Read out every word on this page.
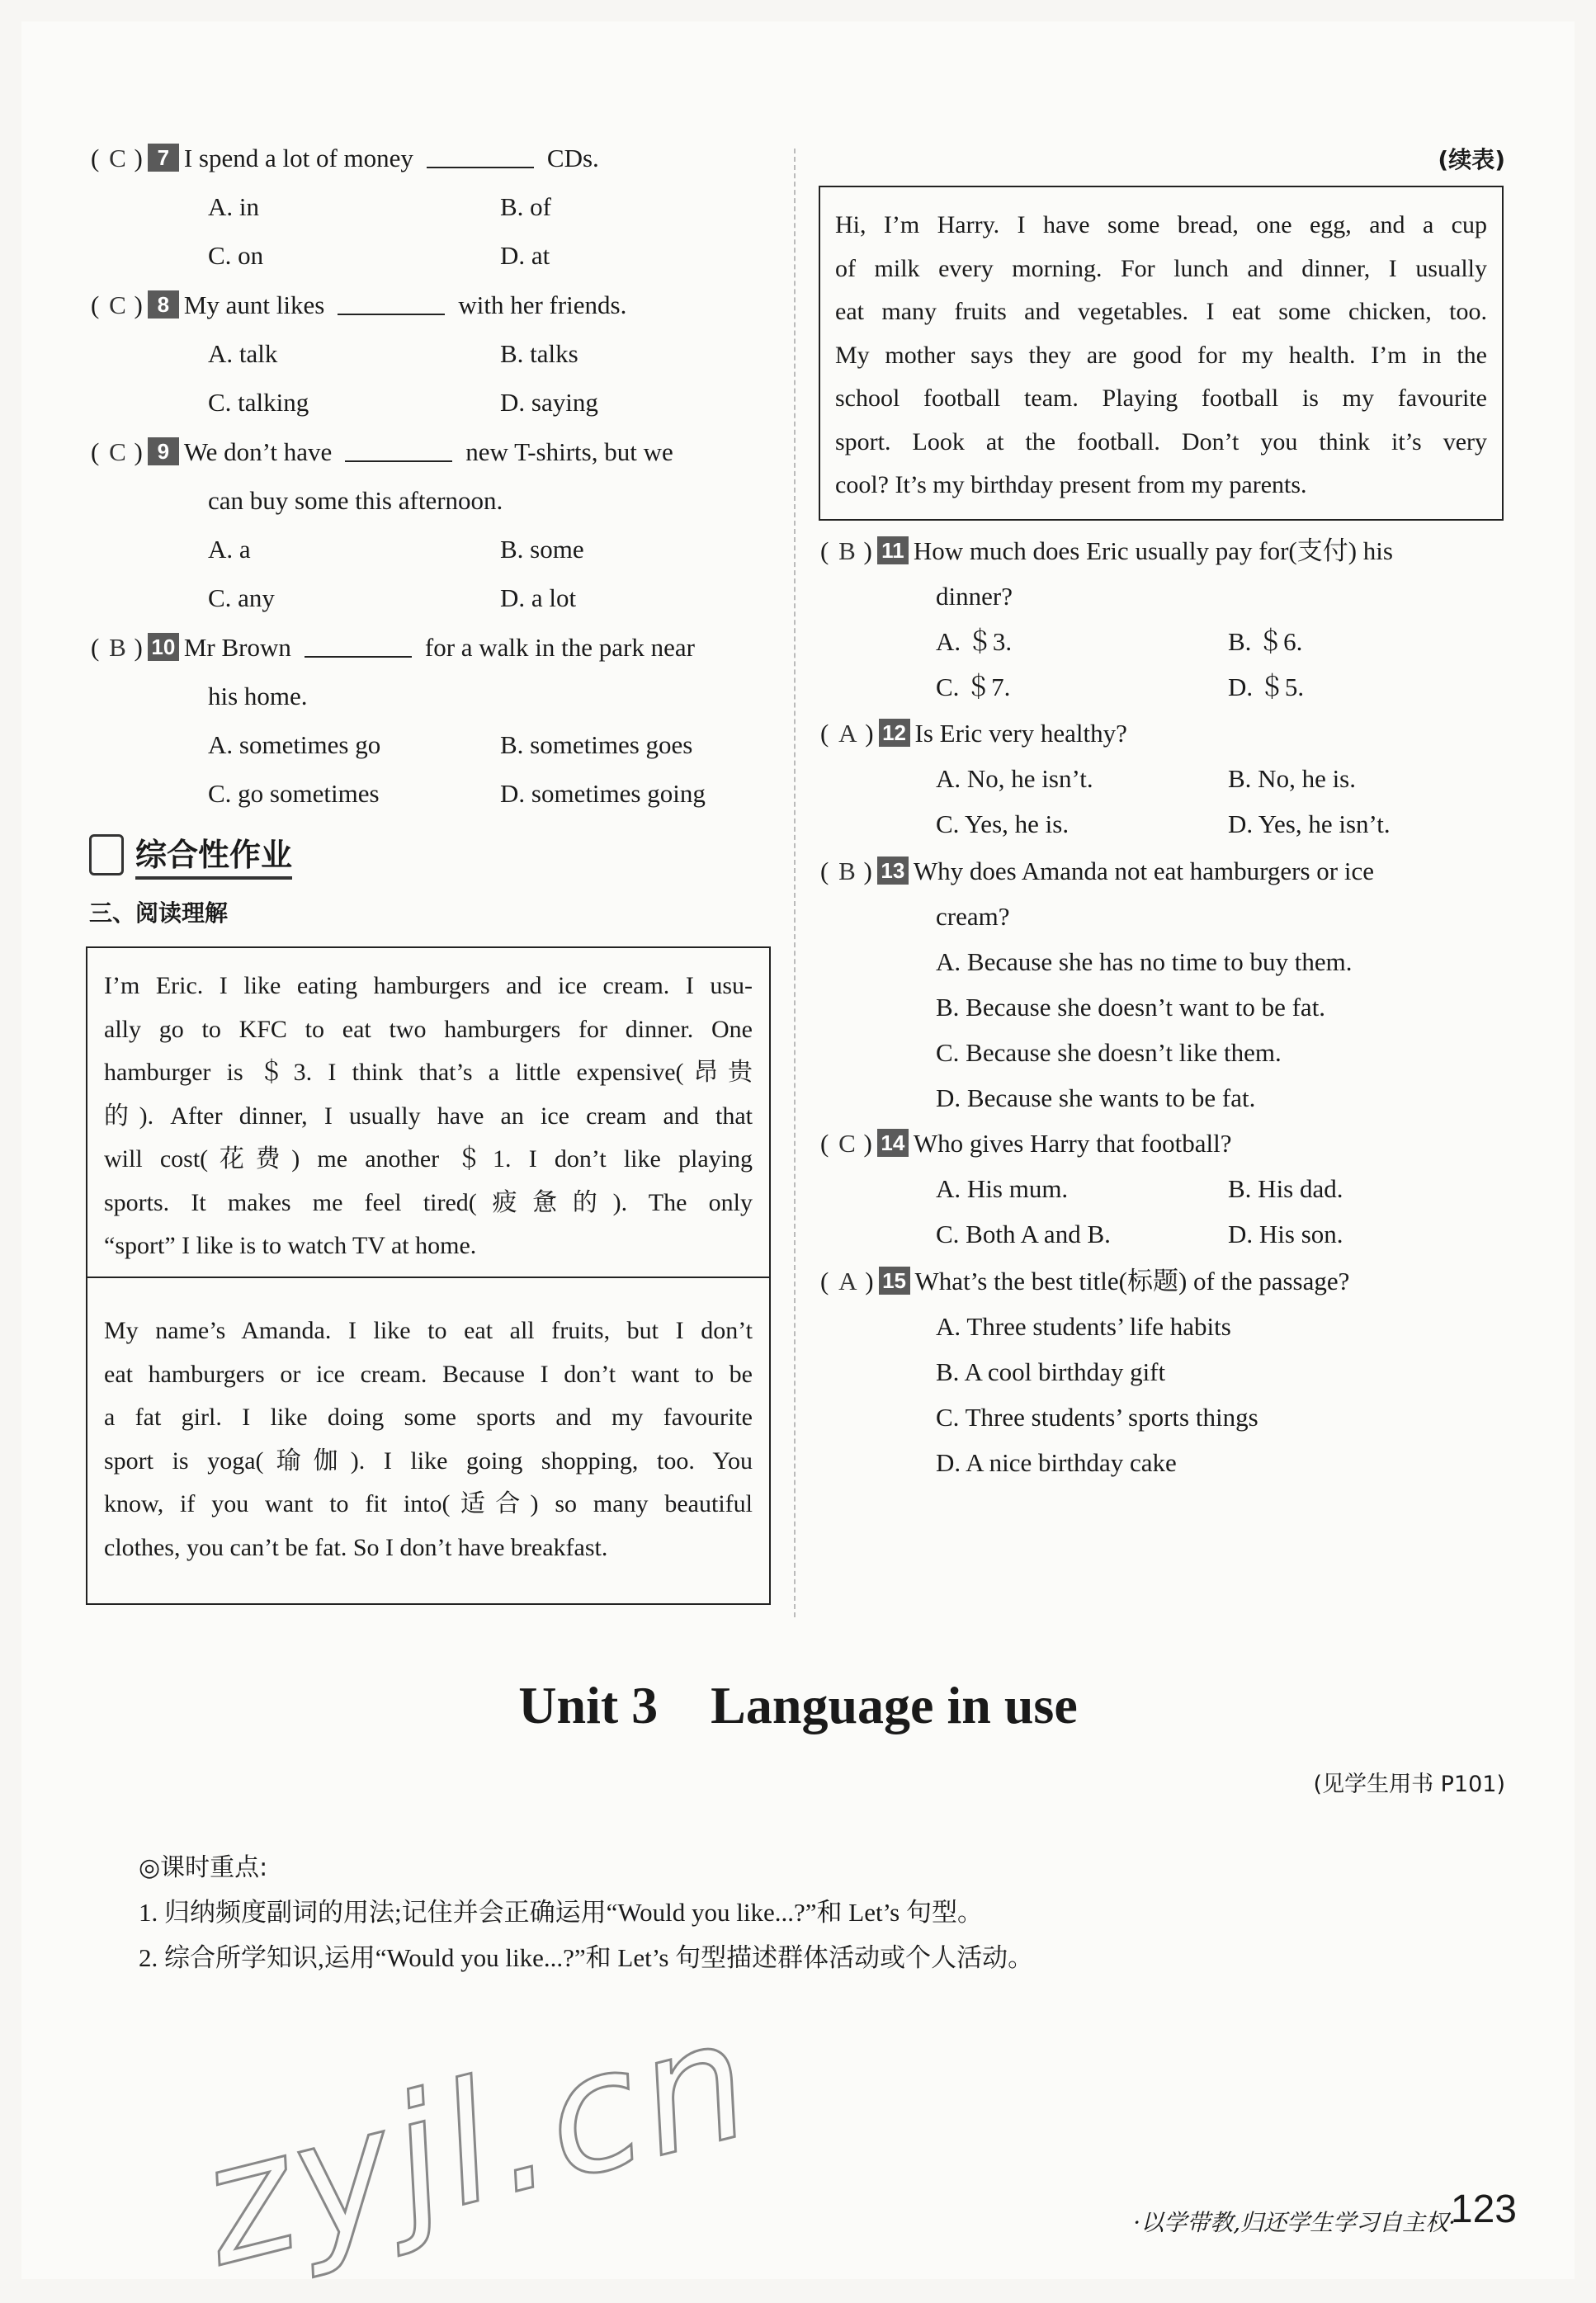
( C ) 7 I spend a lot of money	CDs.
A. in	B. of
C. on	D. at
( C ) 8 My aunt likes	with her friends.
A. talk	B. talks
C. talking	D. saying
( C ) 9 We don’t have	new T-shirts, but we
can buy some this afternoon.
A. a	B. some
C. any	D. a lot
( B ) 10 Mr Brown	for a walk in the park near
his home.
A. sometimes go	B. sometimes goes
C. go sometimes	D. sometimes going
综合性作业
三、阅读理解
I’m Eric. I like eating hamburgers and ice cream. I usu-
ally go to KFC to eat two hamburgers for dinner. One
hamburger is ＄3. I think that’s a little expensive(昂贵
的). After dinner, I usually have an ice cream and that
will cost(花费) me another ＄1. I don’t like playing
sports. It makes me feel tired(疲惫的). The only
“sport” I like is to watch TV at home.
My name’s Amanda. I like to eat all fruits, but I don’t
eat hamburgers or ice cream. Because I don’t want to be
a fat girl. I like doing some sports and my favourite
sport is yoga(瑜伽). I like going shopping, too. You
know, if you want to fit into(适合) so many beautiful
clothes, you can’t be fat. So I don’t have breakfast.
(续表)
Hi, I’m Harry. I have some bread, one egg, and a cup
of milk every morning. For lunch and dinner, I usually
eat many fruits and vegetables. I eat some chicken, too.
My mother says they are good for my health. I’m in the
school football team. Playing football is my favourite
sport. Look at the football. Don’t you think it’s very
cool? It’s my birthday present from my parents.
( B ) 11 How much does Eric usually pay for(支付) his
dinner?
A. ＄3.	B. ＄6.
C. ＄7.	D. ＄5.
( A ) 12 Is Eric very healthy?
A. No, he isn’t.	B. No, he is.
C. Yes, he is.	D. Yes, he isn’t.
( B ) 13 Why does Amanda not eat hamburgers or ice
cream?
A. Because she has no time to buy them.
B. Because she doesn’t want to be fat.
C. Because she doesn’t like them.
D. Because she wants to be fat.
( C ) 14 Who gives Harry that football?
A. His mum.	B. His dad.
C. Both A and B.	D. His son.
( A ) 15 What’s the best title(标题) of the passage?
A. Three students’ life habits
B. A cool birthday gift
C. Three students’ sports things
D. A nice birthday cake
Unit 3    Language in use
(见学生用书 P101)
◎课时重点:
1. 归纳频度副词的用法;记住并会正确运用“Would you like...?”和 Let’s 句型。
2. 综合所学知识,运用“Would you like...?”和 Let’s 句型描述群体活动或个人活动。
zyjl.cn	·以学带教,归还学生学习自主权·
123
